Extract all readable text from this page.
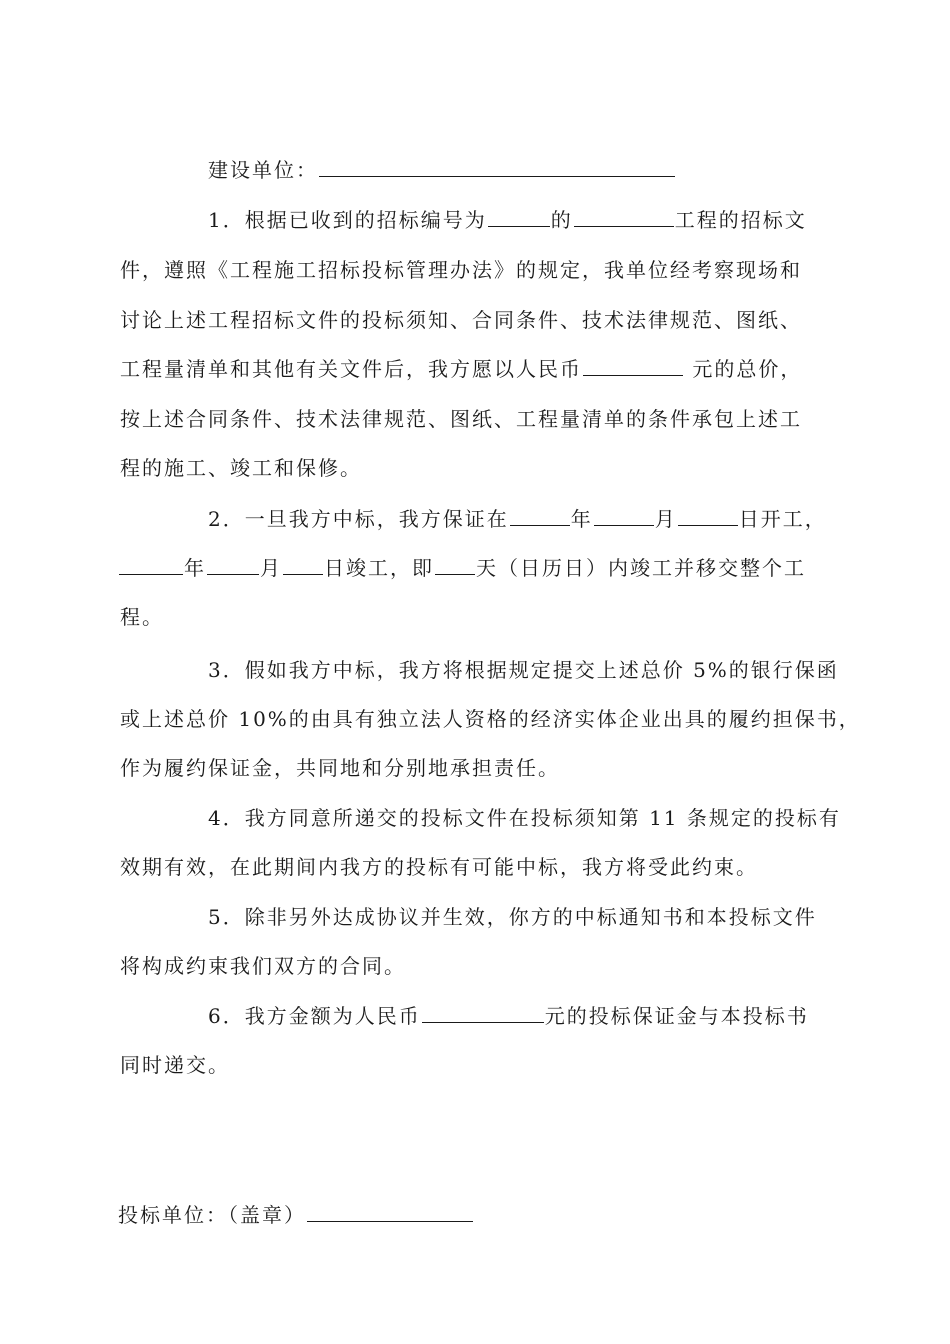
建设单位：
1．根据已收到的招标编号为	的	工程的招标文
件，遵照《工程施工招标投标管理办法》的规定，我单位经考察现场和
讨论上述工程招标文件的投标须知、合同条件、技术法律规范、图纸、
工程量清单和其他有关文件后，我方愿以人民币	元的总价，
按上述合同条件、技术法律规范、图纸、工程量清单的条件承包上述工
程的施工、竣工和保修。
2．一旦我方中标，我方保证在	年	月	日开工，
年	月 日竣工，即 天（日历日）内竣工并移交整个工
程。
3．假如我方中标，我方将根据规定提交上述总价 5%的银行保函
或上述总价 10%的由具有独立法人资格的经济实体企业出具的履约担保书，
作为履约保证金，共同地和分别地承担责任。
4．我方同意所递交的投标文件在投标须知第 11 条规定的投标有
效期有效，在此期间内我方的投标有可能中标，我方将受此约束。
5．除非另外达成协议并生效，你方的中标通知书和本投标文件
将构成约束我们双方的合同。
6．我方金额为人民币	元的投标保证金与本投标书
同时递交。
投标单位：（盖章）
